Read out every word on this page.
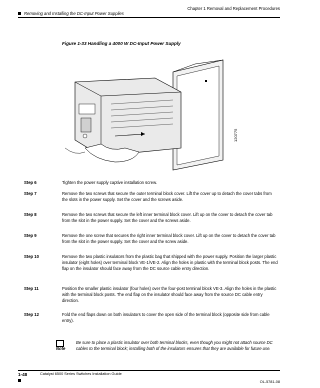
Chapter 1 Removal and Replacement Procedures
Removing and Installing the DC-Input Power Supplies
Figure 1-33 Handling a 4000 W DC-Input Power Supply
120775
Step 6	Tighten the power supply captive installation screw.
Step 7	Remove the two screws that secure the outer terminal block cover. Lift the cover up to detach the cover tabs from the slots in the power supply. Set the cover and the screws aside.
Step 8	Remove the two screws that secure the left inner terminal block cover. Lift up on the cover to detach the cover tab from the slot in the power supply. Set the cover and the screws aside.
Step 9	Remove the one screw that secures the right inner terminal block cover. Lift up on the cover to detach the cover tab from the slot in the power supply. Set the cover and the screw aside.
Step 10	Remove the two plastic insulators from the plastic bag that shipped with the power supply. Position the larger plastic insulator (eight holes) over terminal block VE-1/VE-2. Align the holes in plastic with the terminal block posts. The end flap on the insulator should face away from the DC source cable entry direction.
Step 11	Position the smaller plastic insulator (four holes) over the four-post terminal block VE-3. Align the holes in the plastic with the terminal block posts. The end flap on the insulator should face away from the source DC cable entry direction.
Step 12	Fold the end flaps down on both insulators to cover the open side of the terminal block (opposite side from cable entry).
Note
Be sure to place a plastic insulator over both terminal blocks, even though you might not attach source DC cables to the terminal block; installing both of the insulators ensures that they are available for future use.
1-48	Catalyst 6500 Series Switches Installation Guide
OL-5781-08
